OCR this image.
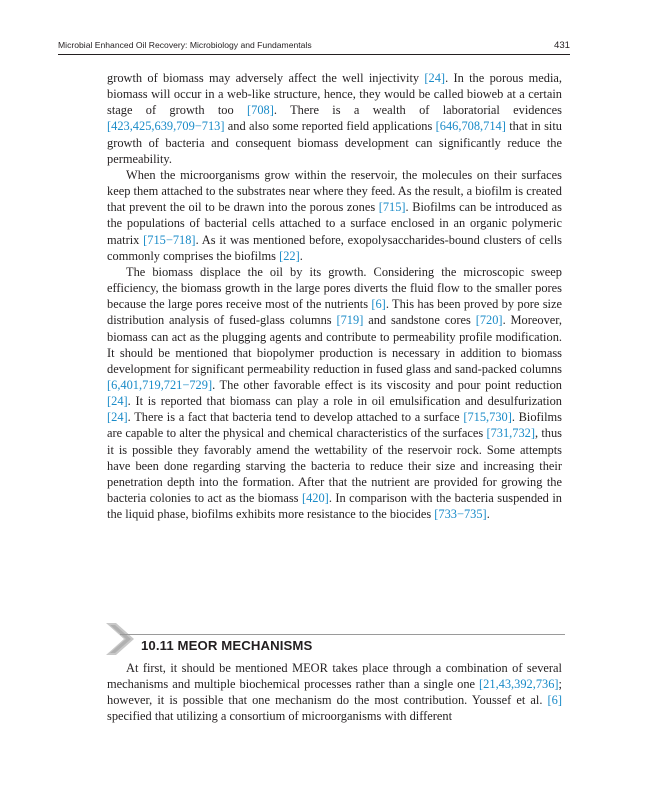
Microbial Enhanced Oil Recovery: Microbiology and Fundamentals	431

growth of biomass may adversely affect the well injectivity [24]. In the porous media, biomass will occur in a web-like structure, hence, they would be called bioweb at a certain stage of growth too [708]. There is a wealth of laboratorial evidences [423,425,639,709−713] and also some reported field applications [646,708,714] that in situ growth of bacteria and consequent biomass development can significantly reduce the permeability.

When the microorganisms grow within the reservoir, the molecules on their surfaces keep them attached to the substrates near where they feed. As the result, a biofilm is created that prevent the oil to be drawn into the porous zones [715]. Biofilms can be introduced as the populations of bacterial cells attached to a surface enclosed in an organic polymeric matrix [715−718]. As it was mentioned before, exopolysaccharides-bound clusters of cells commonly comprises the biofilms [22].

The biomass displace the oil by its growth. Considering the microscopic sweep efficiency, the biomass growth in the large pores diverts the fluid flow to the smaller pores because the large pores receive most of the nutrients [6]. This has been proved by pore size distribution analysis of fused-glass columns [719] and sandstone cores [720]. Moreover, biomass can act as the plugging agents and contribute to permeability profile modification. It should be mentioned that biopolymer production is necessary in addition to biomass development for significant permeability reduction in fused glass and sand-packed columns [6,401,719,721−729]. The other favorable effect is its viscosity and pour point reduction [24]. It is reported that biomass can play a role in oil emulsification and desulfurization [24]. There is a fact that bacteria tend to develop attached to a surface [715,730]. Biofilms are capable to alter the physical and chemical characteristics of the surfaces [731,732], thus it is possible they favorably amend the wettability of the reservoir rock. Some attempts have been done regarding starving the bacteria to reduce their size and increasing their penetration depth into the formation. After that the nutrient are provided for growing the bacteria colonies to act as the biomass [420]. In comparison with the bacteria suspended in the liquid phase, biofilms exhibits more resistance to the biocides [733−735].

10.11 MEOR MECHANISMS

At first, it should be mentioned MEOR takes place through a combination of several mechanisms and multiple biochemical processes rather than a single one [21,43,392,736]; however, it is possible that one mechanism do the most contribution. Youssef et al. [6] specified that utilizing a consortium of microorganisms with different
